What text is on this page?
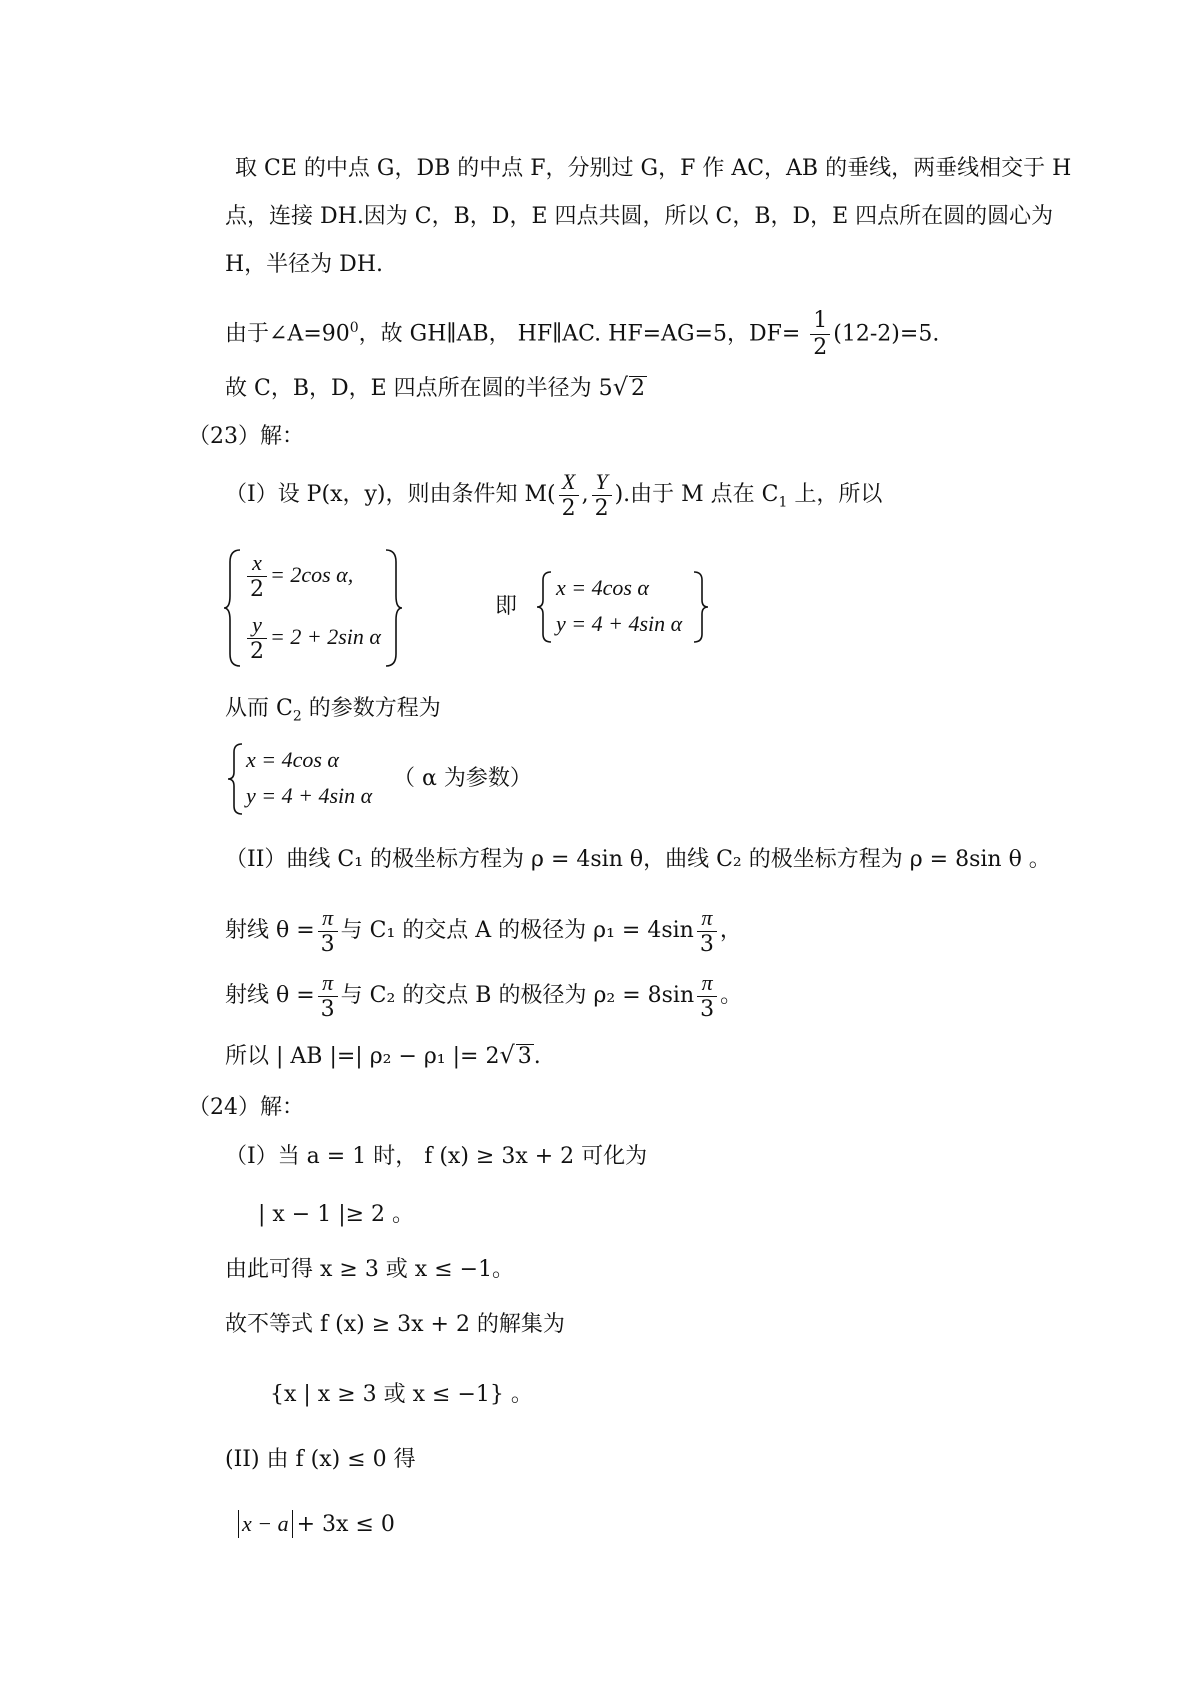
取 CE 的中点 G，DB 的中点 F，分别过 G，F 作 AC，AB 的垂线，两垂线相交于 H
点，连接 DH.因为 C，B，D，E 四点共圆，所以 C，B，D，E 四点所在圆的圆心为
H，半径为 DH.
由于$\angle A=90^0$，故 GH∥AB， HF∥AC. HF=AG=5，$DF= \frac{1}{2} (12-2)=5$.
故 C，B，D，E 四点所在圆的半径为 5√ 2
（23）解：
（I）设 P(x，y)，则由条件知 $M( \frac{X}{2}$ , $\frac{Y}{2}$ ).由于 M 点在 $C_1$ 上，所以
$\frac{x}{2} = 2\cos$ α,
$\frac{y}{2} = 2 + 2\sin$ α
即
x = 4cos α
y = 4 + 4sin α
从而 $C_2$ 的参数方程为
x = 4cos α
y = 4 + 4sin α
（ α 为参数）
（II）曲线 C₁ 的极坐标方程为 ρ = 4sin θ，曲线 C₂ 的极坐标方程为 ρ = 8sin θ 。
射线 $\theta = \frac{\pi}{3}$ 与 C₁ 的交点 A 的极径为 $\rho_1 = 4\sin \frac{\pi}{3}$ ，
射线 $\theta = \frac{\pi}{3}$ 与 C₂ 的交点 B 的极径为 $\rho_2 = 8\sin \frac{\pi}{3}$ 。
所以 | AB |=| ρ₂ − ρ₁ |= 2√ 3.
（24）解：
（I）当 a = 1 时， f (x) ≥ 3x + 2 可化为
| x − 1 |≥ 2 。
由此可得 x ≥ 3 或 x ≤ −1。
故不等式 f (x) ≥ 3x + 2 的解集为
{x | x ≥ 3 或 x ≤ −1} 。
(II) 由 f (x) ≤ 0 得
x − a + 3x ≤ 0
